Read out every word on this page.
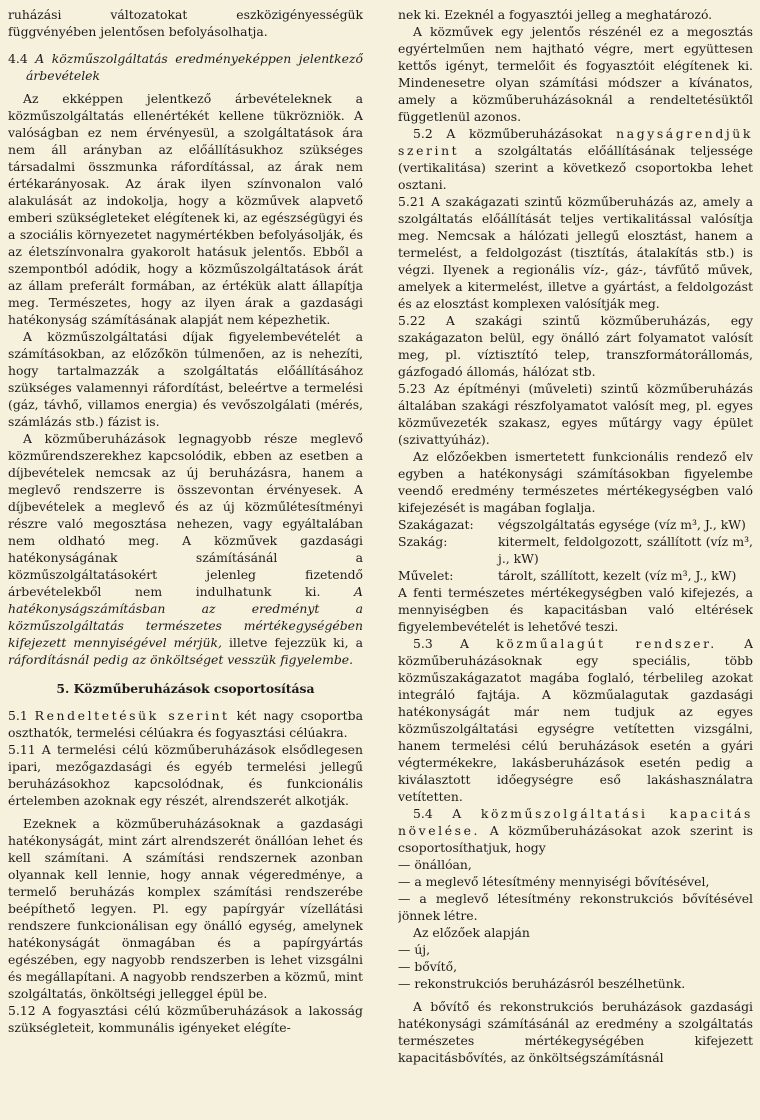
ruházási változatokat eszközigényességük függvényében jelentősen befolyásolhatja.

4.4 A közműszolgáltatás eredményeképpen jelentkező árbevételek

Az ekképpen jelentkező árbevételeknek a közműszolgáltatás ellenértékét kellene tükrözniök. A valóságban ez nem érvényesül, a szolgáltatások ára nem áll arányban az előállításukhoz szükséges társadalmi összmunka ráfordítással, az árak nem értékarányosak. Az árak ilyen színvonalon való alakulását az indokolja, hogy a közművek alapvető emberi szükségleteket elégítenek ki, az egészségügyi és a szociális környezetet nagymértékben befolyásolják, és az életszínvonalra gyakorolt hatásuk jelentős. Ebből a szempontból adódik, hogy a közműszolgáltatások árát az állam preferált formában, az értékük alatt állapítja meg. Természetes, hogy az ilyen árak a gazdasági hatékonyság számításának alapját nem képezhetik.

A közműszolgáltatási díjak figyelembevételét a számításokban, az előzőkön túlmenően, az is nehezíti, hogy tartalmazzák a szolgáltatás előállításához szükséges valamennyi ráfordítást, beleértve a termelési (gáz, távhő, villamos energia) és vevőszolgálati (mérés, számlázás stb.) fázist is.

A közműberuházások legnagyobb része meglevő közműrendszerekhez kapcsolódik, ebben az esetben a díjbevételek nemcsak az új beruházásra, hanem a meglevő rendszerre is összevontan érvényesek. A díjbevételek a meglevő és az új közműlétesítményi részre való megosztása nehezen, vagy egyáltalában nem oldható meg. A közművek gazdasági hatékonyságának számításánál a közműszolgáltatásokért jelenleg fizetendő árbevételekből nem indulhatunk ki.	A hatékonyságszámításban az eredményt a közműszolgáltatás természetes mértékegységében kifejezett mennyiségével mérjük, illetve fejezzük ki, a ráfordításnál pedig az önköltséget vesszük figyelembe.

5. Közműberuházások csoportosítása

5.1 Rendeltetésük szerint két nagy csoportba oszthatók, termelési célúakra és fogyasztási célúakra.

5.11 A termelési célú közműberuházások elsődlegesen ipari, mezőgazdasági és egyéb termelési jellegű beruházásokhoz kapcsolódnak, és funkcionális értelemben azoknak egy részét, alrendszerét alkotják.

Ezeknek a közműberuházásoknak a gazdasági hatékonyságát, mint zárt alrendszerét önállóan lehet és kell számítani. A számítási rendszernek azonban olyannak kell lennie, hogy annak végeredménye, a termelő beruházás komplex számítási rendszerébe beépíthető legyen. Pl. egy papírgyár vízellátási rendszere funkcionálisan egy önálló egység, amelynek hatékonyságát önmagában és a papírgyártás egészében, egy nagyobb rendszerben is lehet vizsgálni és megállapítani. A nagyobb rendszerben a közmű, mint szolgáltatás, önköltségi jelleggel épül be.

5.12 A fogyasztási célú közműberuházások a lakosság szükségleteit, kommunális igényeket elégíte-

nek ki. Ezeknél a fogyasztói jelleg a meghatározó.

A közművek egy jelentős részénél ez a megosztás egyértelműen nem hajtható végre, mert együttesen kettős igényt, termelőit és fogyasztóit elégítenek ki. Mindenesetre olyan számítási módszer a kívánatos, amely a közműberuházásoknál a rendeltetésüktől függetlenül azonos.

5.2 A közműberuházásokat nagyságrendjük szerint a szolgáltatás előállításának teljessége (vertikalitása) szerint a következő csoportokba lehet osztani.

5.21 A szakágazati szintű közműberuházás az, amely a szolgáltatás előállítását teljes vertikalitással valósítja meg. Nemcsak a hálózati jellegű elosztást, hanem a termelést, a feldolgozást (tisztítás, átalakítás stb.) is végzi. Ilyenek a regionális víz-, gáz-, távfűtő művek, amelyek a kitermelést, illetve a gyártást, a feldolgozást és az elosztást komplexen valósítják meg.

5.22 A szakági szintű közműberuházás, egy szakágazaton belül, egy önálló zárt folyamatot valósít meg, pl. víztisztító telep, transzformátorállomás, gázfogadó állomás, hálózat stb.

5.23 Az építményi (műveleti) szintű közműberuházás általában szakági részfolyamatot valósít meg, pl. egyes közművezeték szakasz, egyes műtárgy vagy épület (szivattyúház).

Az előzőekben ismertetett funkcionális rendező elv egyben a hatékonysági számításokban figyelembe veendő eredmény természetes mértékegységben való kifejezését is magában foglalja.

Szakágazat:	végszolgáltatás egysége (víz m³, J., kW)
Szakág:	kitermelt, feldolgozott, szállított (víz m³, j., kW)
Művelet:	tárolt, szállított, kezelt (víz m³, J., kW)

A fenti természetes mértékegységben való kifejezés, a mennyiségben és kapacitásban való eltérések figyelembevételét is lehetővé teszi.

5.3 A közműalagút rendszer. A közműberuházásoknak egy speciális, több közműszakágazatot magába foglaló, térbelileg azokat integráló fajtája. A közműalagutak gazdasági hatékonyságát már nem tudjuk az egyes közműszolgáltatási egységre vetítetten vizsgálni, hanem termelési célú beruházások esetén a gyári végtermékekre, lakásberuházások esetén pedig a kiválasztott időegységre eső lakáshasználatra vetítetten.

5.4 A közműszolgáltatási kapacitás növelése. A közműberuházásokat azok szerint is csoportosíthatjuk, hogy

— önállóan,

— a meglevő létesítmény mennyiségi bővítésével,

— a meglevő létesítmény rekonstrukciós bővítésével jönnek létre.

Az előzőek alapján

— új,

— bővítő,

— rekonstrukciós beruházásról beszélhetünk.

A bővítő és rekonstrukciós beruházások gazdasági hatékonysági számításánál az eredmény a szolgáltatás természetes mértékegységében kifejezett kapacitásbővítés, az önköltségszámításnál
